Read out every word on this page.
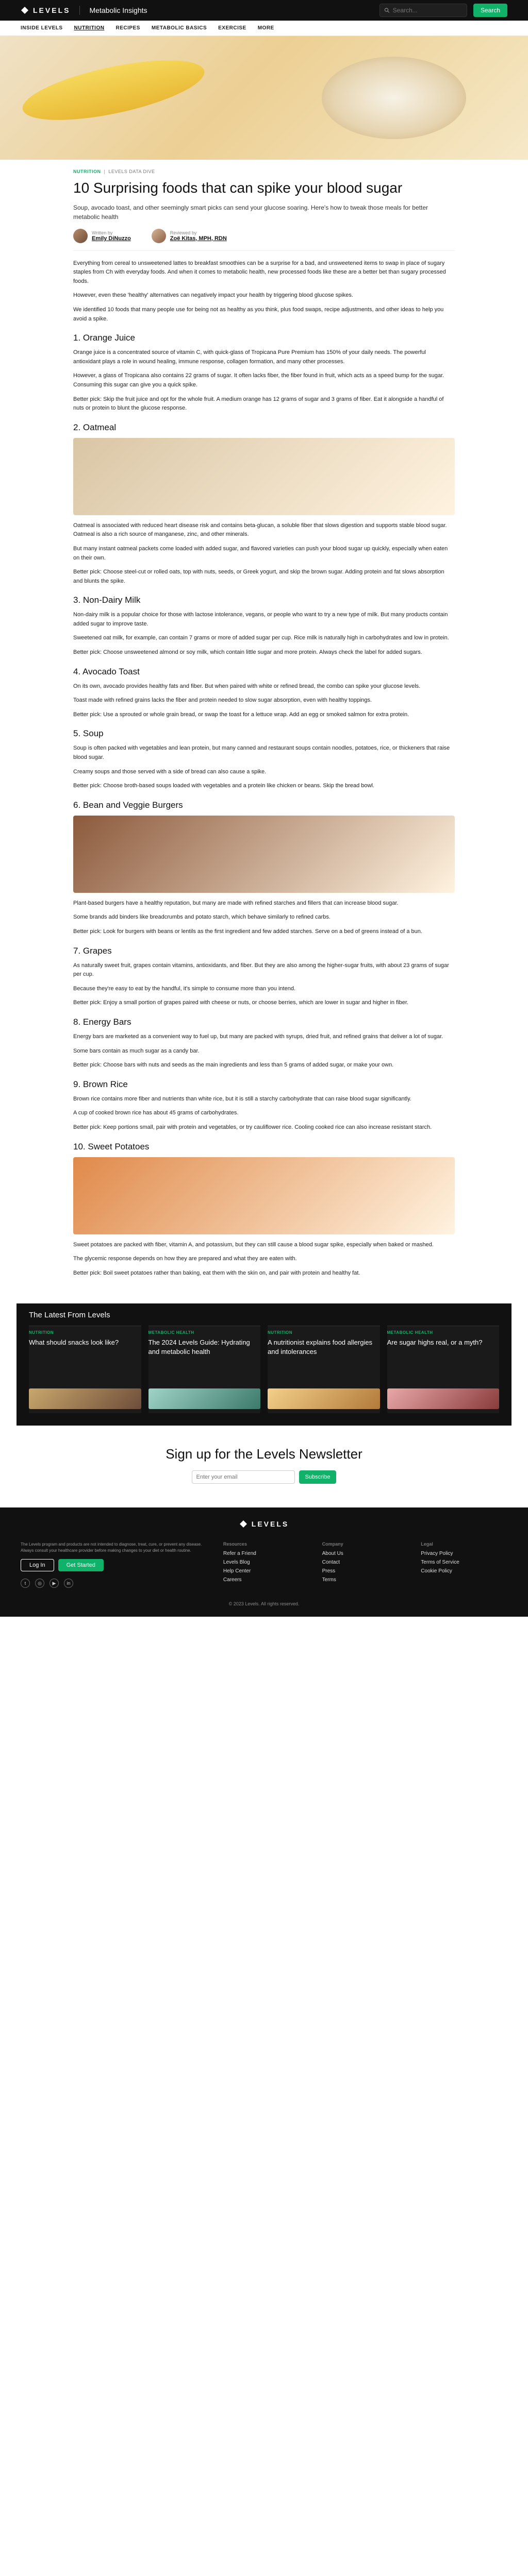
LEVELS	Metabolic Insights
Search...	Search
INSIDE LEVELS NUTRITION RECIPES METABOLIC BASICS EXERCISE MORE
NUTRITION | LEVELS DATA DIVE
10 Surprising foods that can spike your blood sugar

Soup, avocado toast, and other seemingly smart picks can send your glucose soaring. Here's how to tweak those meals for better metabolic health

Written by
Emily DiNuzzo
Reviewed by
Zoë Kitas, MPH, RDN

Everything from cereal to unsweetened lattes to breakfast smoothies can be a surprise for a bad, and unsweetened items to swap in place of sugary staples from Ch with everyday foods. And when it comes to metabolic health, new processed foods like these are a better bet than sugary processed foods.

However, even these 'healthy' alternatives can negatively impact your health by triggering blood glucose spikes.

We identified 10 foods that many people use for being not as healthy as you think, plus food swaps, recipe adjustments, and other ideas to help you avoid a spike.

1. Orange Juice

Orange juice is a concentrated source of vitamin C, with quick-glass of Tropicana Pure Premium has 150% of your daily needs. The powerful antioxidant plays a role in wound healing, immune response, collagen formation, and many other processes.

However, a glass of Tropicana also contains 22 grams of sugar. It often lacks fiber, the fiber found in fruit, which acts as a speed bump for the sugar. Consuming this sugar can give you a quick spike.

Better pick: Skip the fruit juice and opt for the whole fruit. A medium orange has 12 grams of sugar and 3 grams of fiber. Eat it alongside a handful of nuts or protein to blunt the glucose response.

2. Oatmeal

Oatmeal is associated with reduced heart disease risk and contains beta-glucan, a soluble fiber that slows digestion and supports stable blood sugar. Oatmeal is also a rich source of manganese, zinc, and other minerals.

But many instant oatmeal packets come loaded with added sugar, and flavored varieties can push your blood sugar up quickly, especially when eaten on their own.

Better pick: Choose steel-cut or rolled oats, top with nuts, seeds, or Greek yogurt, and skip the brown sugar. Adding protein and fat slows absorption and blunts the spike.

3. Non-Dairy Milk

Non-dairy milk is a popular choice for those with lactose intolerance, vegans, or people who want to try a new type of milk. But many products contain added sugar to improve taste.

Sweetened oat milk, for example, can contain 7 grams or more of added sugar per cup. Rice milk is naturally high in carbohydrates and low in protein.

Better pick: Choose unsweetened almond or soy milk, which contain little sugar and more protein. Always check the label for added sugars.

4. Avocado Toast

On its own, avocado provides healthy fats and fiber. But when paired with white or refined bread, the combo can spike your glucose levels.

Toast made with refined grains lacks the fiber and protein needed to slow sugar absorption, even with healthy toppings.

Better pick: Use a sprouted or whole grain bread, or swap the toast for a lettuce wrap. Add an egg or smoked salmon for extra protein.

5. Soup

Soup is often packed with vegetables and lean protein, but many canned and restaurant soups contain noodles, potatoes, rice, or thickeners that raise blood sugar.

Creamy soups and those served with a side of bread can also cause a spike.

Better pick: Choose broth-based soups loaded with vegetables and a protein like chicken or beans. Skip the bread bowl.

6. Bean and Veggie Burgers

Plant-based burgers have a healthy reputation, but many are made with refined starches and fillers that can increase blood sugar.

Some brands add binders like breadcrumbs and potato starch, which behave similarly to refined carbs.

Better pick: Look for burgers with beans or lentils as the first ingredient and few added starches. Serve on a bed of greens instead of a bun.

7. Grapes

As naturally sweet fruit, grapes contain vitamins, antioxidants, and fiber. But they are also among the higher-sugar fruits, with about 23 grams of sugar per cup.

Because they're easy to eat by the handful, it's simple to consume more than you intend.

Better pick: Enjoy a small portion of grapes paired with cheese or nuts, or choose berries, which are lower in sugar and higher in fiber.

8. Energy Bars

Energy bars are marketed as a convenient way to fuel up, but many are packed with syrups, dried fruit, and refined grains that deliver a lot of sugar.

Some bars contain as much sugar as a candy bar.

Better pick: Choose bars with nuts and seeds as the main ingredients and less than 5 grams of added sugar, or make your own.

9. Brown Rice

Brown rice contains more fiber and nutrients than white rice, but it is still a starchy carbohydrate that can raise blood sugar significantly.

A cup of cooked brown rice has about 45 grams of carbohydrates.

Better pick: Keep portions small, pair with protein and vegetables, or try cauliflower rice. Cooling cooked rice can also increase resistant starch.

10. Sweet Potatoes

Sweet potatoes are packed with fiber, vitamin A, and potassium, but they can still cause a blood sugar spike, especially when baked or mashed.

The glycemic response depends on how they are prepared and what they are eaten with.

Better pick: Boil sweet potatoes rather than baking, eat them with the skin on, and pair with protein and healthy fat.

The Latest From Levels
NUTRITION
What should snacks look like?
METABOLIC HEALTH
The 2024 Levels Guide: Hydrating and metabolic health
NUTRITION
A nutritionist explains food allergies and intolerances
METABOLIC HEALTH
Are sugar highs real, or a myth?
Sign up for the Levels Newsletter
Enter your email
Subscribe
LEVELS

The Levels program and products are not intended to diagnose, treat, cure, or prevent any disease. Always consult your healthcare provider before making changes to your diet or health routine.

Log In	Get Started
t	◎	▶	in
Resources
Refer a Friend
Levels Blog
Help Center
Careers
Company
About Us
Contact
Press
Terms
Legal
Privacy Policy
Terms of Service
Cookie Policy
© 2023 Levels. All rights reserved.
